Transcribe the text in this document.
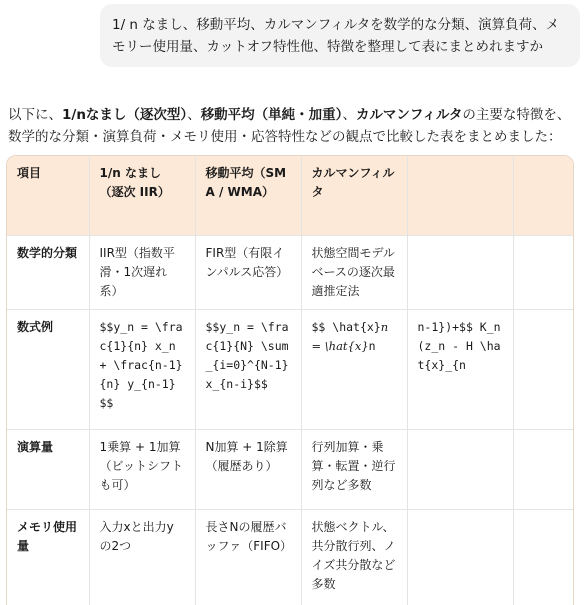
1/ n なまし、移動平均、カルマンフィルタを数学的な分類、演算負荷、メモリー使用量、カットオフ特性他、特徴を整理して表にまとめれますか

以下に、1/nなまし（逐次型）、移動平均（単純・加重）、カルマンフィルタの主要な特徴を、数学的な分類・演算負荷・メモリ使用・応答特性などの観点で比較した表をまとめました：

項目	1/n なまし（逐次 IIR）	移動平均（SMA / WMA）	カルマンフィルタ		
数学的分類	IIR型（指数平滑・1次遅れ系）	FIR型（有限インパルス応答）	状態空間モデルベースの逐次最適推定法		
数式例	$$y_n = \frac{1}{n} x_n + \frac{n-1}{n} y_{n-1}$$	$$y_n = \frac{1}{N} \sum_{i=0}^{N-1} x_{n-i}$$	$$ \hat{x}n = \hat{x}n	n-1})+$$ K_n(z_n - H \hat{x}_{n	
演算量	1乗算 + 1加算（ビットシフトも可）	N加算 + 1除算（履歴あり）	行列加算・乗算・転置・逆行列など多数		
メモリ使用量	入力xと出力yの2つ	長さNの履歴バッファ（FIFO）	状態ベクトル、共分散行列、ノイズ共分散など多数		
